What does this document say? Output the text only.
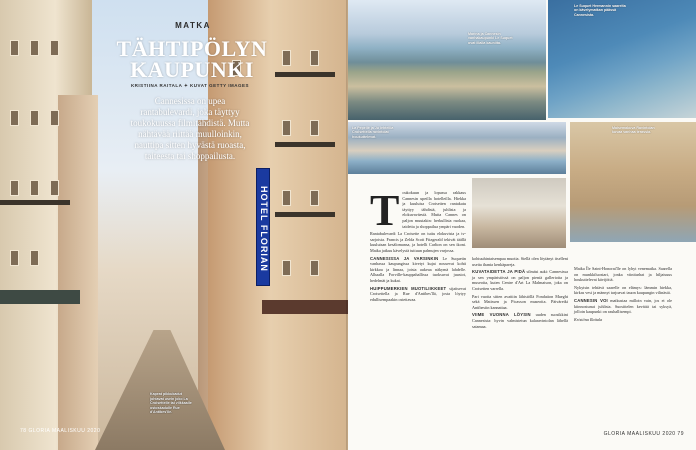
HOTEL FLORIAN
MATKA
TÄHTIPÖLYN
KAUPUNKI
KRISTIINA RAITALA ✦ KUVAT GETTY IMAGES
Cannesissa on upea rantabulevardi, joka täyttyy toukokuussa filmitähdistä. Mutta nähtävää riittää muulloinkin, nauttipa sitten hyvästä ruoasta, taiteesta tai shoppailusta.
Kapeat pikkukadut johtavat usein joko La Croisettelle tai vilkkaalle ostoskadulle Rue d'Antibes'lle.
78 GLORIA MAALISKUU 2020
Marina ja Cannesin vanhakaupunki Le Suquet ovat illalla kauniita.
Le Suquet Hermannin saarelta on kävelymatkan päässä Cannesista.
La Pepeliè ja Ju lehteilla Croisettella ravintolat houkuttelevat.
Maisemakuva Ravintolan kuvaa vanhaa terassia.
T oukokuun ja lopussa rakkaus Cannesin upeilla hotelleilla. Hiekka ja kuuluisa Croisetten rantakatu täyttyy tähdistä, juhlista ja elokuvaväestä. Mutta Cannes on paljon muutakin: herkullista ruokaa, taidetta ja shoppailua ympäri vuoden.

Rantabulevardi La Croisette on tuttu elokuvista ja tv-sarjoista. Francis ja Zelda Scott Fitzgerald tekivät täällä kuuluisan kesälomansa, ja hotelli Carlton on sen ikoni. Matka jatkuu kävelystä tuttuun palmujen varjossa.

CANNESISSA JA VARSINKIN Le Suquetin vanhassa kaupungissa kivetyt kujat nousevat kohti kirkkoa ja linnaa, joista aukeaa näkymä lahdelle. Alhaalla Forville-kauppahallissa tuoksuvat juustot, hedelmät ja kukat.

HUIPPUMERKIEN MUOTILIIKKEET sijaitsevat Croisettella ja Rue d'Antibes'llä, josta löytyy edullisempaakin ostettavaa.

kohtuuhintaisempaa muotia. Siellä olen löytänyt itselleni useita ihania kenkäpareja.

KUVATAIDETTA JA PIDÄ silmäsi auki: Cannesissa ja sen ympäristössä on paljon pieniä gallerioita ja museoita, kuten Centre d'Art La Malmaison, joka on Croisetten varrella.

Pari vuotta sitten avattiin lähistöllä Fondation Maeght sekä Matissen ja Picasson museoita. Päiväretki Antibesiin kannattaa.

VIIME VUONNA LÖYSIN uuden suosikkini Cannesista: hyvin valmistetun kalaravintolan lähellä satamaa.

Matka Île Saint-Honorat'lle on lyhyt venematka. Saarella on munkkiluostari, jonka viinitarhat ja hiljaisuus houkuttelevat kävijöitä.

Nykyisin tehtävä saarelle on elämys: lämmin hiekka, kirkas vesi ja männyt tarjoavat tauon kaupungin vilinästä.

CANNESIN VOI matkustaa milloin vain, jos ei ole kiinnostunut juhlista. Suosittelen kevättä tai syksyä, jolloin kaupunki on rauhallisempi.

Kristiina Raitala

GLORIA MAALISKUU 2020 79
